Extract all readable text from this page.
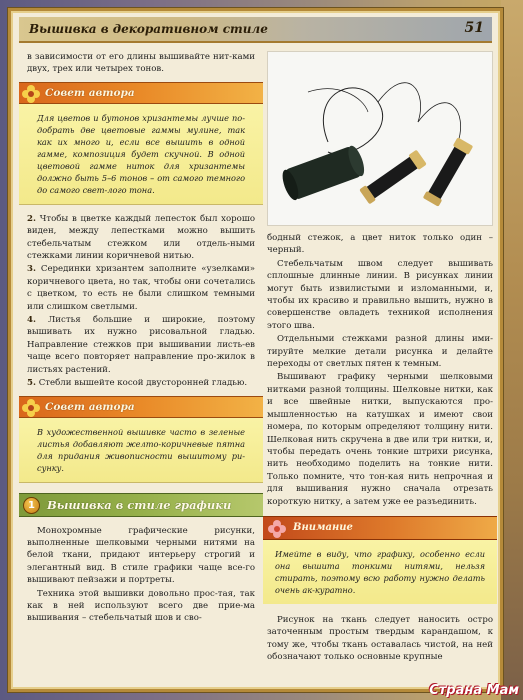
Вышивка в декоративном стиле	51

в зависимости от его длины вышивайте нит-ками двух, трех или четырех тонов.

Совет автора

Для цветов и бутонов хризантемы лучше по-добрать две цветовые гаммы мулине, так как их много и, если все вышить в одной гамме, композиция будет скучной. В одной цветовой гамме ниток для хризантемы должно быть 5–6 тонов – от самого темного до самого свет-лого тона.

2. Чтобы в цветке каждый лепесток был хорошо виден, между лепестками можно вышить стебельчатым стежком или отдель-ными стежками линии коричневой нитью.

3. Серединки хризантем заполните «узелками» коричневого цвета, но так, чтобы они сочетались с цветком, то есть не были слишком темными или слишком светлыми.

4. Листья большие и широкие, поэтому вышивать их нужно рисовальной гладью. Направление стежков при вышивании листь-ев чаще всего повторяет направление про-жилок в листьях растений.

5. Стебли вышейте косой двусторонней гладью.

Совет автора

В художественной вышивке часто в зеленые листья добавляют желто-коричневые пятна для придания живописности вышитому ри-сунку.

1	Вышивка в стиле графики

Монохромные графические рисунки, выполненные шелковыми черными нитями на белой ткани, придают интерьеру строгий и элегантный вид. В стиле графики чаще все-го вышивают пейзажи и портреты.

Техника этой вышивки довольно прос-тая, так как в ней используют всего две прие-ма вышивания – стебельчатый шов и сво-

бодный стежок, а цвет ниток только один – черный.

Стебельчатым швом следует вышивать сплошные длинные линии. В рисунках линии могут быть извилистыми и изломанными, и, чтобы их красиво и правильно вышить, нужно в совершенстве овладеть техникой исполнения этого шва.

Отдельными стежками разной длины ими-тируйте мелкие детали рисунка и делайте переходы от светлых пятен к темным.

Вышивают графику черными шелковыми нитками разной толщины. Шелковые нитки, как и все швейные нитки, выпускаются про-мышленностью на катушках и имеют свои номера, по которым определяют толщину нити. Шелковая нить скручена в две или три нитки, и, чтобы передать очень тонкие штрихи рисунка, нить необходимо поделить на тонкие нити. Только помните, что тон-кая нить непрочная и для вышивания нужно сначала отрезать короткую нитку, а затем уже ее разъединить.

Внимание

Имейте в виду, что графику, особенно если она вышита тонкими нитями, нельзя стирать, поэтому всю работу нужно делать очень ак-куратно.

Рисунок на ткань следует наносить остро заточенным простым твердым карандашом, к тому же, чтобы ткань оставалась чистой, на ней обозначают только основные крупные

Страна Мам
